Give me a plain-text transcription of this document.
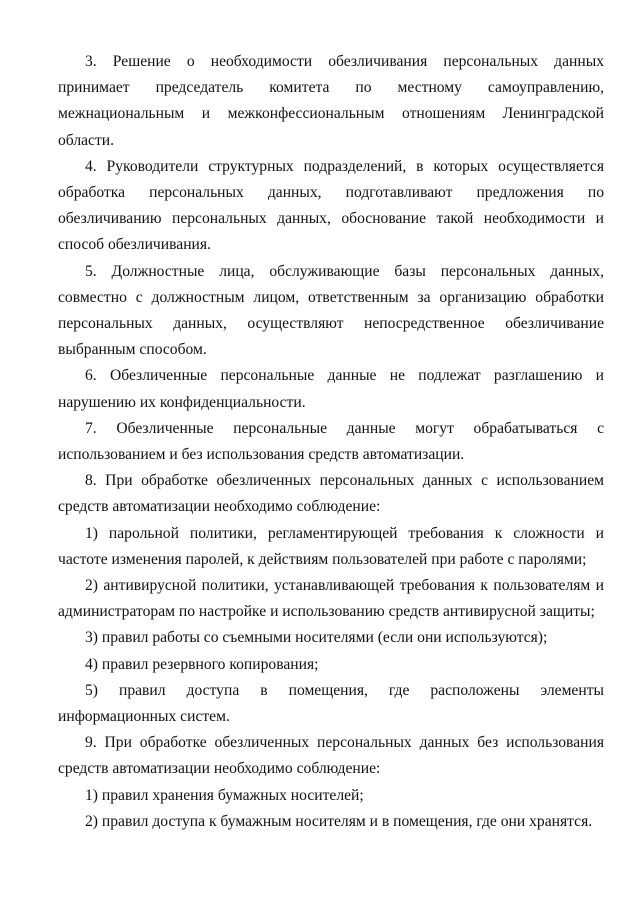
3. Решение о необходимости обезличивания персональных данных принимает председатель комитета по местному самоуправлению, межнациональным и межконфессиональным отношениям Ленинградской области.

4. Руководители структурных подразделений, в которых осуществляется обработка персональных данных, подготавливают предложения по обезличиванию персональных данных, обоснование такой необходимости и способ обезличивания.

5. Должностные лица, обслуживающие базы персональных данных, совместно с должностным лицом, ответственным за организацию обработки персональных данных, осуществляют непосредственное обезличивание выбранным способом.

6. Обезличенные персональные данные не подлежат разглашению и нарушению их конфиденциальности.

7. Обезличенные персональные данные могут обрабатываться с использованием и без использования средств автоматизации.

8. При обработке обезличенных персональных данных с использованием средств автоматизации необходимо соблюдение:

1) парольной политики, регламентирующей требования к сложности и частоте изменения паролей, к действиям пользователей при работе с паролями;

2) антивирусной политики, устанавливающей требования к пользователям и администраторам по настройке и использованию средств антивирусной защиты;

3) правил работы со съемными носителями (если они используются);

4) правил резервного копирования;

5) правил доступа в помещения, где расположены элементы информационных систем.

9. При обработке обезличенных персональных данных без использования средств автоматизации необходимо соблюдение:

1) правил хранения бумажных носителей;

2) правил доступа к бумажным носителям и в помещения, где они хранятся.
